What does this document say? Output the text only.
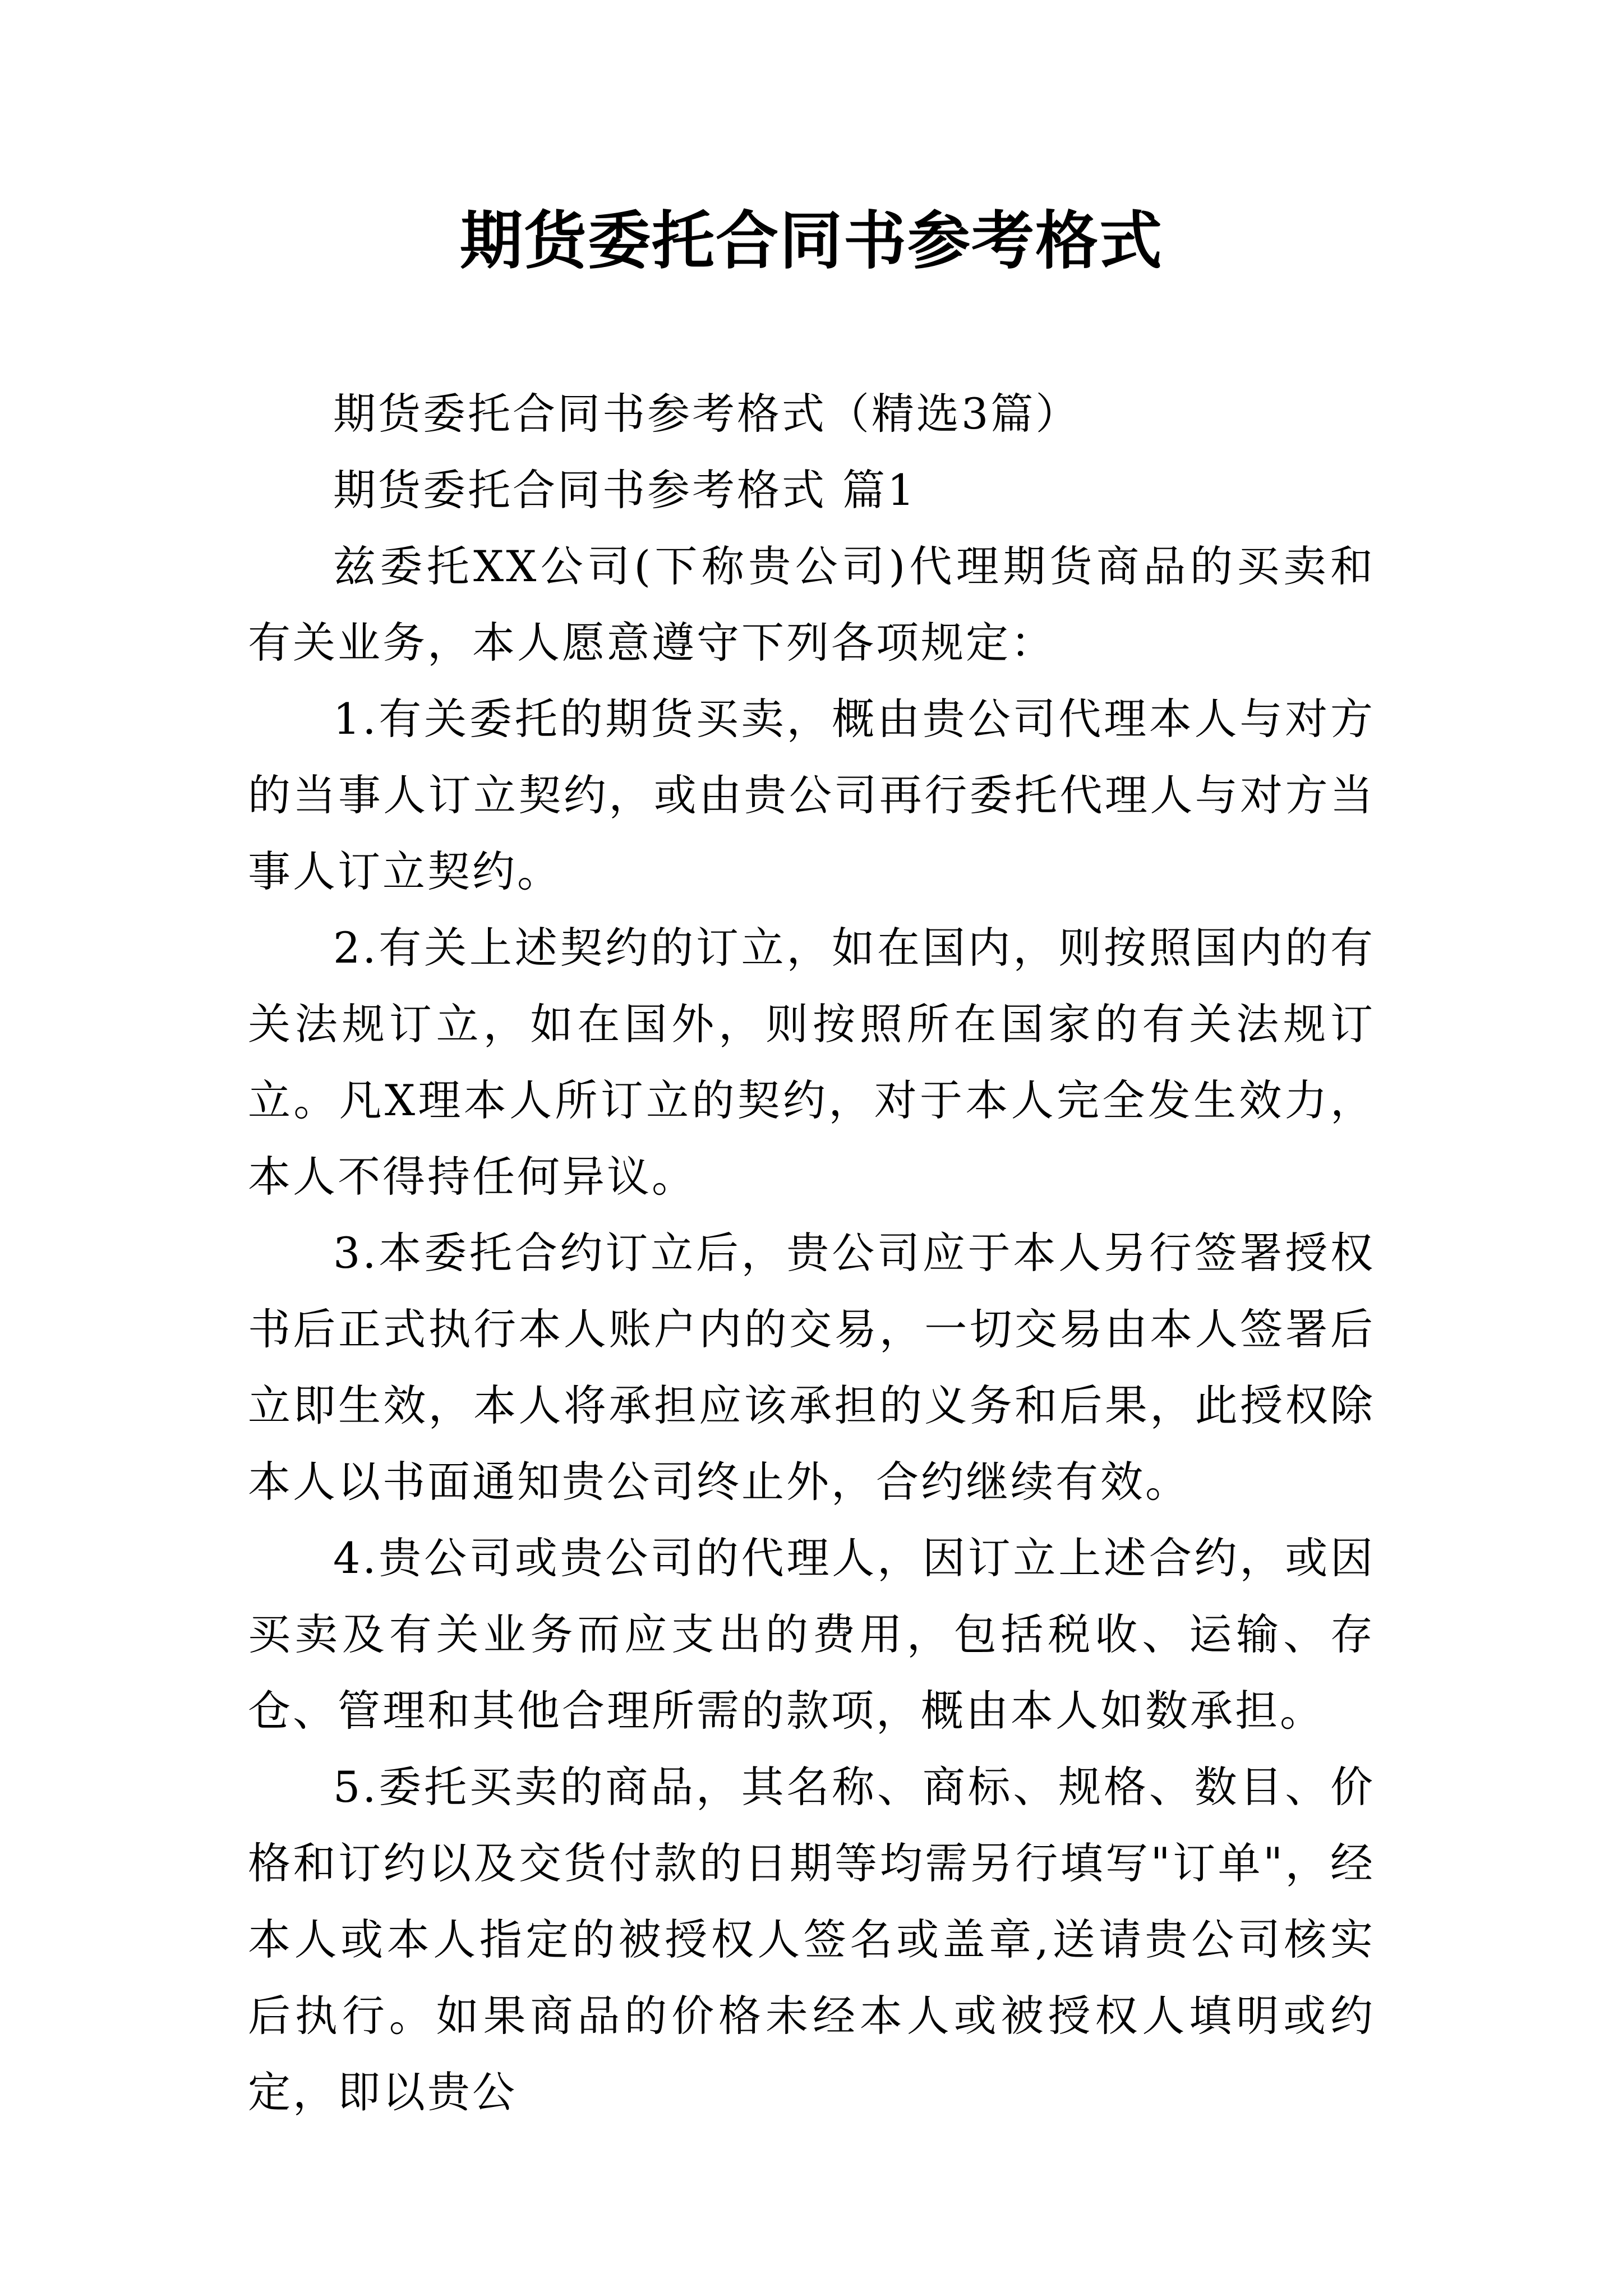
期货委托合同书参考格式

期货委托合同书参考格式（精选3篇）

期货委托合同书参考格式 篇1

兹委托XX公司(下称贵公司)代理期货商品的买卖和有关业务，本人愿意遵守下列各项规定：

1.有关委托的期货买卖，概由贵公司代理本人与对方的当事人订立契约，或由贵公司再行委托代理人与对方当事人订立契约。

2.有关上述契约的订立，如在国内，则按照国内的有关法规订立，如在国外，则按照所在国家的有关法规订立。凡X理本人所订立的契约，对于本人完全发生效力，本人不得持任何异议。

3.本委托合约订立后，贵公司应于本人另行签署授权书后正式执行本人账户内的交易，一切交易由本人签署后立即生效，本人将承担应该承担的义务和后果，此授权除本人以书面通知贵公司终止外，合约继续有效。

4.贵公司或贵公司的代理人，因订立上述合约，或因买卖及有关业务而应支出的费用，包括税收、运输、存仓、管理和其他合理所需的款项，概由本人如数承担。

5.委托买卖的商品，其名称、商标、规格、数目、价格和订约以及交货付款的日期等均需另行填写"订单"，经本人或本人指定的被授权人签名或盖章,送请贵公司核实后执行。如果商品的价格未经本人或被授权人填明或约定，即以贵公
